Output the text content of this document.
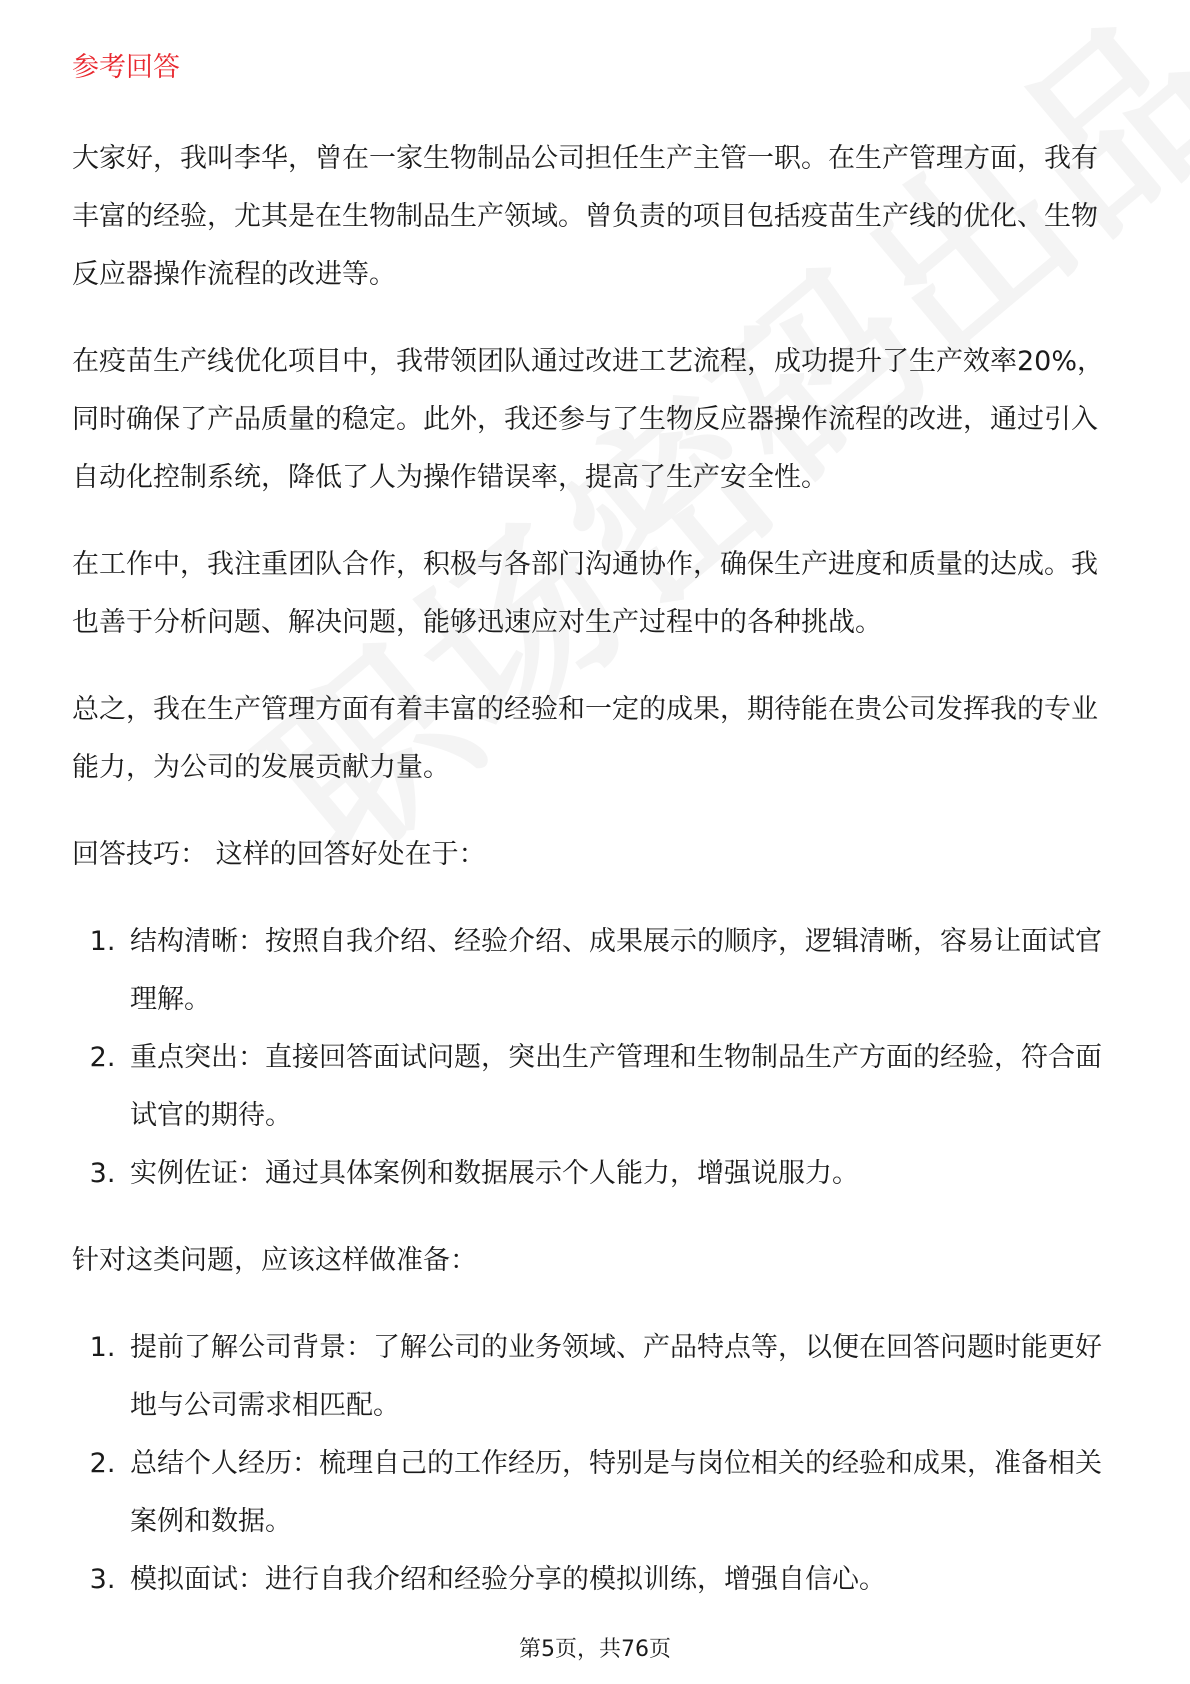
参考回答

大家好，我叫李华，曾在一家生物制品公司担任生产主管一职。在生产管理方面，我有丰富的经验，尤其是在生物制品生产领域。曾负责的项目包括疫苗生产线的优化、生物反应器操作流程的改进等。

在疫苗生产线优化项目中，我带领团队通过改进工艺流程，成功提升了生产效率20%，同时确保了产品质量的稳定。此外，我还参与了生物反应器操作流程的改进，通过引入自动化控制系统，降低了人为操作错误率，提高了生产安全性。

在工作中，我注重团队合作，积极与各部门沟通协作，确保生产进度和质量的达成。我也善于分析问题、解决问题，能够迅速应对生产过程中的各种挑战。

总之，我在生产管理方面有着丰富的经验和一定的成果，期待能在贵公司发挥我的专业能力，为公司的发展贡献力量。

回答技巧： 这样的回答好处在于：

1. 结构清晰：按照自我介绍、经验介绍、成果展示的顺序，逻辑清晰，容易让面试官理解。
2. 重点突出：直接回答面试问题，突出生产管理和生物制品生产方面的经验，符合面试官的期待。
3. 实例佐证：通过具体案例和数据展示个人能力，增强说服力。

针对这类问题，应该这样做准备：

1. 提前了解公司背景：了解公司的业务领域、产品特点等，以便在回答问题时能更好地与公司需求相匹配。
2. 总结个人经历：梳理自己的工作经历，特别是与岗位相关的经验和成果，准备相关案例和数据。
3. 模拟面试：进行自我介绍和经验分享的模拟训练，增强自信心。
第5页，共76页
